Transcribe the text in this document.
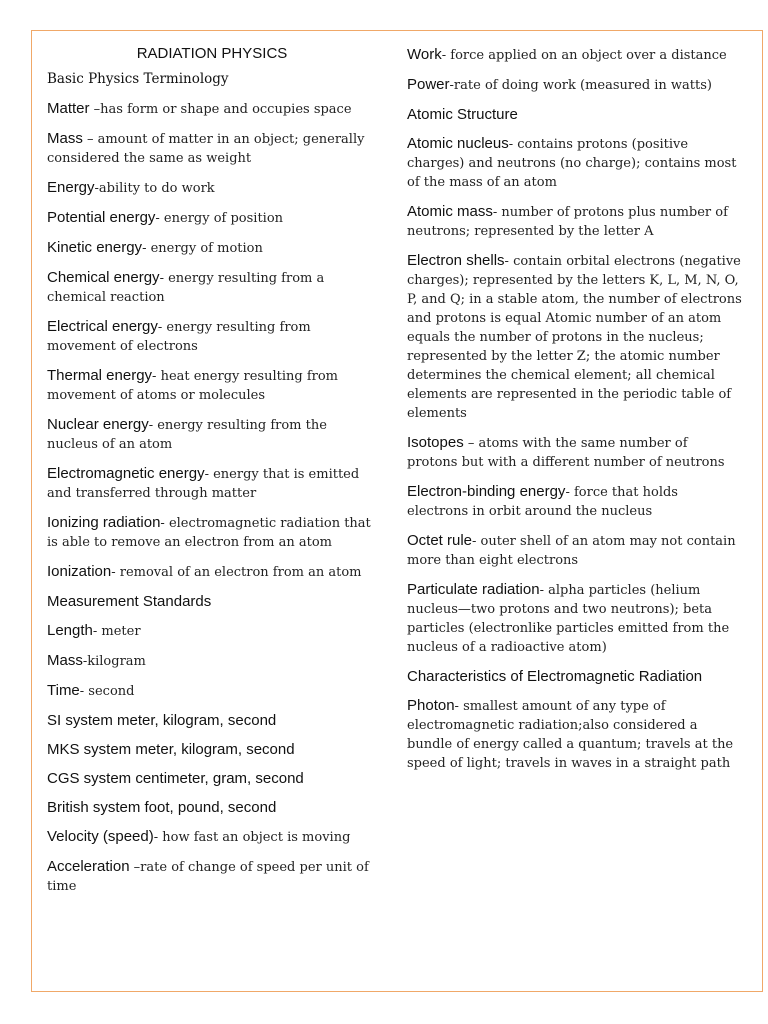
RADIATION PHYSICS

Basic Physics Terminology

Matter –has form or shape and occupies space

Mass – amount of matter in an object; generally considered the same as weight

Energy-ability to do work

Potential energy- energy of position

Kinetic energy- energy of motion

Chemical energy- energy resulting from a chemical reaction

Electrical energy- energy resulting from movement of electrons

Thermal energy- heat energy resulting from movement of atoms or molecules

Nuclear energy- energy resulting from the nucleus of an atom

Electromagnetic energy- energy that is emitted and transferred through matter

Ionizing radiation- electromagnetic radiation that is able to remove an electron from an atom

Ionization- removal of an electron from an atom

Measurement Standards

Length- meter

Mass-kilogram

Time- second

SI system meter, kilogram, second

MKS system meter, kilogram, second

CGS system centimeter, gram, second

British system foot, pound, second

Velocity (speed)- how fast an object is moving

Acceleration –rate of change of speed per unit of time

Work- force applied on an object over a distance

Power-rate of doing work (measured in watts)

Atomic Structure

Atomic nucleus- contains protons (positive charges) and neutrons (no charge); contains most of the mass of an atom

Atomic mass- number of protons plus number of neutrons; represented by the letter A

Electron shells- contain orbital electrons (negative charges); represented by the letters K, L, M, N, O, P, and Q; in a stable atom, the number of electrons and protons is equal Atomic number of an atom equals the number of protons in the nucleus; represented by the letter Z; the atomic number determines the chemical element; all chemical elements are represented in the periodic table of elements

Isotopes – atoms with the same number of protons but with a different number of neutrons

Electron-binding energy- force that holds electrons in orbit around the nucleus

Octet rule- outer shell of an atom may not contain more than eight electrons

Particulate radiation- alpha particles (helium nucleus—two protons and two neutrons); beta particles (electronlike particles emitted from the nucleus of a radioactive atom)

Characteristics of Electromagnetic Radiation

Photon- smallest amount of any type of electromagnetic radiation;also considered a bundle of energy called a quantum; travels at the speed of light; travels in waves in a straight path
